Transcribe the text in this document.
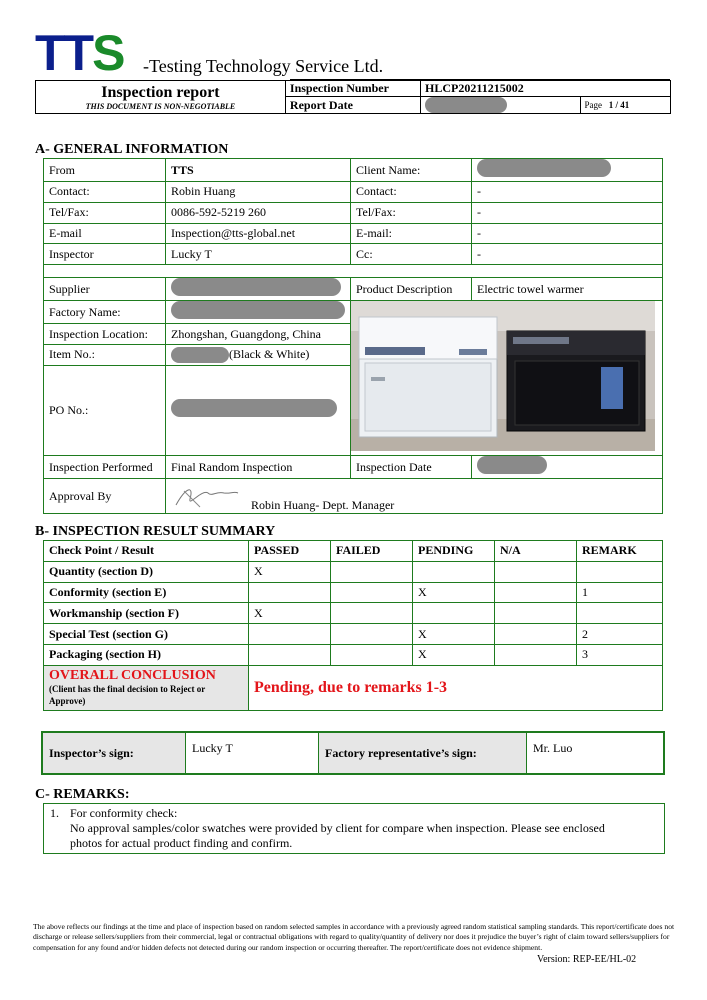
TT S -Testing Technology Service Ltd.
Inspection report
THIS DOCUMENT IS NON-NEGOTIABLE	Inspection Number	HLCP20211215002	
	Report Date		Page 1 / 41
A- GENERAL INFORMATION
From	TTS	Client Name:	
Contact:	Robin Huang	Contact:	-
Tel/Fax:	0086-592-5219 260	Tel/Fax:	-
E-mail	Inspection@tts-global.net	E-mail:	-
Inspector	Lucky T	Cc:	-

Supplier		Product Description	Electric towel warmer
Factory Name:		
Inspection Location:	Zhongshan, Guangdong, China		
Item No.:	(Black & White)		
PO No.:			

Inspection Performed	Final Random Inspection	Inspection Date	
Approval By	Robin Huang- Dept. Manager		
B- INSPECTION RESULT SUMMARY
Check Point / Result	PASSED	FAILED	PENDING	N/A	REMARK
Quantity (section D)	X				
Conformity (section E)			X		1
Workmanship (section F)	X				
Special Test (section G)			X		2
Packaging (section H)			X		3

OVERALL CONCLUSION
(Client has the final decision to Reject or Approve)	Pending, due to remarks 1-3				
Inspector’s sign:	Lucky T	Factory representative’s sign:	Mr. Luo
C- REMARKS:
1. For conformity check:
No approval samples/color swatches were provided by client for compare when inspection. Please see enclosed
photos for actual product finding and confirm.
The above reflects our findings at the time and place of inspection based on random selected samples in accordance with a previously agreed random statistical sampling standards. This report/certificate does not discharge or release sellers/suppliers from their commercial, legal or contractual obligations with regard to quality/quantity of delivery nor does it prejudice the buyer’s right of claim toward sellers/suppliers for compensation for any found and/or hidden defects not detected during our random inspection or occurring thereafter. The report/certificate does not evidence shipment.
Version: REP-EE/HL-02
